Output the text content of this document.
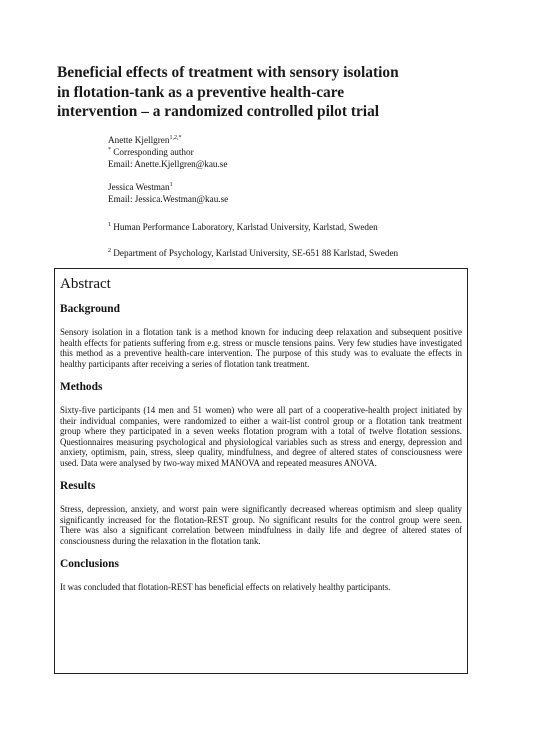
Beneficial effects of treatment with sensory isolation
in flotation-tank as a preventive health-care
intervention – a randomized controlled pilot trial
Anette Kjellgren$^{1,2,*}$
* Corresponding author
Email: Anette.Kjellgren@kau.se
Jessica Westman$^1$
Email: Jessica.Westman@kau.se
$^1$ Human Performance Laboratory, Karlstad University, Karlstad, Sweden
$^2$ Department of Psychology, Karlstad University, SE-651 88 Karlstad, Sweden
Abstract
Background
Sensory isolation in a flotation tank is a method known for inducing deep relaxation and subsequent positive health effects for patients suffering from e.g. stress or muscle tensions pains. Very few studies have investigated this method as a preventive health-care intervention. The purpose of this study was to evaluate the effects in healthy participants after receiving a series of flotation tank treatment.
Methods
Sixty-five participants (14 men and 51 women) who were all part of a cooperative-health project initiated by their individual companies, were randomized to either a wait-list control group or a flotation tank treatment group where they participated in a seven weeks flotation program with a total of twelve flotation sessions. Questionnaires measuring psychological and physiological variables such as stress and energy, depression and anxiety, optimism, pain, stress, sleep quality, mindfulness, and degree of altered states of consciousness were used. Data were analysed by two-way mixed MANOVA and repeated measures ANOVA.
Results
Stress, depression, anxiety, and worst pain were significantly decreased whereas optimism and sleep quality significantly increased for the flotation-REST group. No significant results for the control group were seen. There was also a significant correlation between mindfulness in daily life and degree of altered states of consciousness during the relaxation in the flotation tank.
Conclusions
It was concluded that flotation-REST has beneficial effects on relatively healthy participants.
